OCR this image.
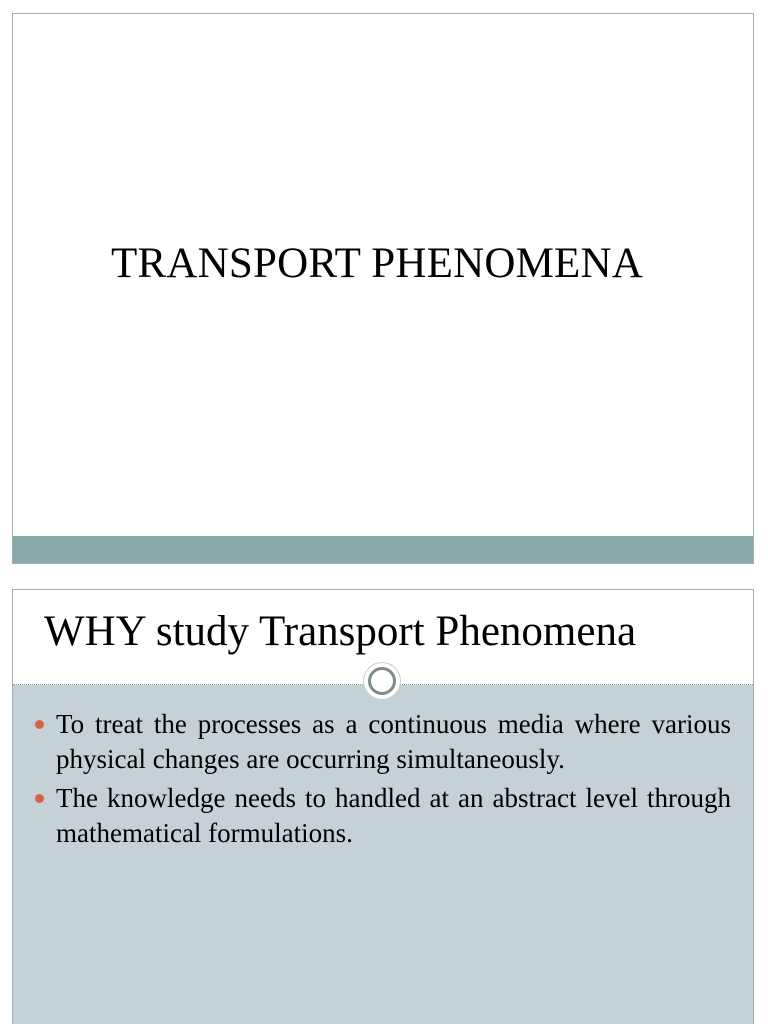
TRANSPORT PHENOMENA
WHY study Transport Phenomena
To treat the processes as a continuous media where various physical changes are occurring simultaneously.
The knowledge needs to handled at an abstract level through mathematical formulations.
